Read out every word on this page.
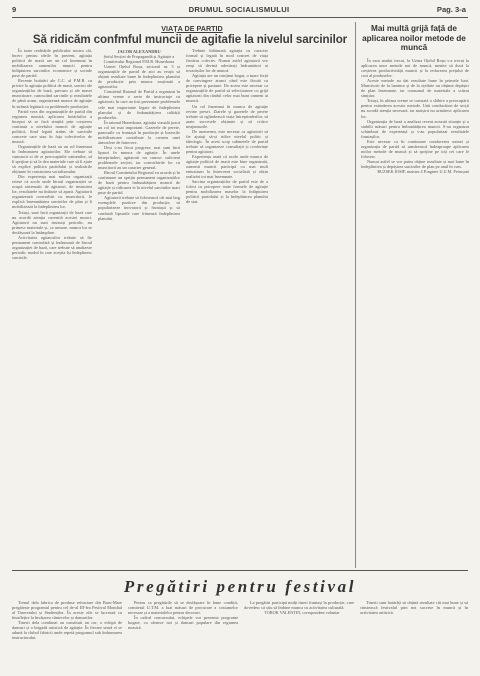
9	DRUMUL SOCIALISMULUI	Pag. 3-a
VIAȚA DE PARTID
Să ridicăm confmful muncii de agitafie la nivelul sarcinilor

În toate realitățile publicului nostru cât, încerc pentru ideile în prezent, agitația politică de masă are un rol însemnat în mobilizarea oamenilor muncii pentru înfăptuirea sarcinilor economice și sociale puse de partid.

Recente hotărâri ale C.C. al P.M.R. cu privire la agitația politică de masă, sarcini ale organizațiilor de bază, precum și ale masei muncitoare, cunoscând sarcinile și rezultatele de până acum, organizează munca de agitație în strânsă legătură cu problemele producției.

Partid vrea din organizațiile de partid din regiunea noastră, aplicarea hotărârilor a început să se facă simțită prin creșterea continuă a nivelului muncii de agitație politică, fiind legată strâns de sarcinile concrete care stau în fața colectivelor de muncă.

Organizațiile de bază au un rol însemnat în îndrumarea agitatorilor. Ele trebuie să cunoască zi de zi preocupările oamenilor, să îi sprijine și să le dea materiale care să îi ajute să explice politica partidului și realizările obținute în construirea socialismului.

Din experiența mai multor organizații reiese că acolo unde biroul organizației se ocupă sistematic de agitatori, de instruirea lor, rezultatele nu întârzie să apară. Agitatorii organizează convorbiri cu muncitorii, le explică însemnătatea sarcinilor de plan și îi mobilizează la îndeplinirea lor.

Totuși, sunt încă organizații de bază care nu acordă atenția cuvenită acestei munci. Agitatorii nu sunt instruiți periodic, nu primesc materiale și, ca urmare, munca lor se desfășoară la întâmplare.

Activitatea agitatorilor trebuie să fie permanent controlată și îndrumată de biroul organizației de bază, care trebuie să analizeze periodic modul în care aceștia își îndeplinesc sarcinile.

JACOB ALEXANDRU

Șeful Secției de Propagandă și Agitație a Comitetului Regional P.M.R. Hunedoara

Uzinei Oțelul Roșu, sectorul nr. 5 și organizațiile de partid de aici au reușit să obțină rezultate bune în îndeplinirea planului de producție prin munca susținută a agitatorilor.

Comitetul Raional de Partid a organizat în ultima vreme o serie de instructaje cu agitatorii, în care au fost prezentate problemele cele mai importante legate de îndeplinirea planului și de îmbunătățirea calității produselor.

În raionul Hunedoara, agitația vizuală joacă un rol tot mai important. Gazetele de perete, panourile cu fruntașii în producție și lozincile mobilizatoare contribuie la crearea unei atmosfere de întrecere.

Deși s-au făcut progrese, mai sunt încă lipsuri în munca de agitație. În unele întreprinderi, agitatorii nu cunosc suficient problemele secției, iar convorbirile lor cu muncitorii au un caracter general.

Biroul Comitetului Regional va acorda și în continuare un sprijin permanent organizațiilor de bază pentru îmbunătățirea muncii de agitație și ridicarea ei la nivelul sarcinilor mari puse de partid.

Agitatorii trebuie să folosească cât mai larg exemplele pozitive din producție, să popularizeze inovatorii și fruntașii și să combată lipsurile care frânează îndeplinirea planului.

Trebuie înlăturată agitația cu caracter formal și legată în mod concret de viața fiecărui colectiv. Numai astfel agitatorii vor reuși să devină adevărați îndrumători ai tovarășilor lor de muncă.

Agitația are un conținut bogat, o mare forță de convingere atunci când este făcută cu pricepere și pasiune. De aceea este necesar ca organizațiile de partid să selecționeze cu grijă agitatorii din rândul celor mai buni oameni ai muncii.

Un rol însemnat în munca de agitație revine presei. Ziarele și gazetele de perete trebuie să oglindească viața întreprinderilor, să arate succesele obținute și să critice neajunsurile.

De asemenea, este necesar ca agitatorii să fie ajutați să-și ridice nivelul politic și ideologic. În acest scop cabinetele de partid trebuie să organizeze consultații și conferințe pentru agitatori.

Experiența arată că acolo unde munca de agitație politică de masă este bine organizată, oamenii muncii participă cu mai mult entuziasm la întrecerea socialistă și obțin realizări tot mai însemnate.

Sarcina organizațiilor de partid este de a folosi cu pricepere toate formele de agitație pentru mobilizarea maselor la înfăptuirea politicii partidului și la îndeplinirea planului de stat.

Mai multă grijă față de aplicarea noilor metode de muncă

În vara anului trecut, la Uzina Oțelul Roșu s-a trecut la aplicarea unor metode noi de muncă, menite să ducă la creșterea productivității muncii și la reducerea prețului de cost al produselor.

Aceste metode au dat rezultate bune în primele luni. Muncitorii de la laminor și de la oțelărie au obținut depășiri de plan însemnate, iar consumul de materiale a scăzut simțitor.

Totuși, în ultima vreme se constată o slăbire a preocupării pentru extinderea acestor metode. Unii conducători de secții nu acordă atenția necesară, iar maiștrii nu urmăresc aplicarea lor.

Organizația de bază a analizat recent această situație și a stabilit măsuri pentru îmbunătățirea muncii. S-au organizat schimburi de experiență și s-au popularizat rezultatele fruntașilor.

Este necesar ca în continuare conducerea uzinei și organizația de partid să urmărească îndeaproape aplicarea noilor metode de muncă și să sprijine pe toți cei care le folosesc.

Numai astfel se vor putea obține rezultate și mai bune în îndeplinirea și depășirea sarcinilor de plan pe anul în curs.

BUZSEK IOSIF, maistru 4 P.inginer U.U.M. Petroșani

Pregătiri pentru festival

Trenul dela fabrica de produse refractare din Baru-Mare pregătește programul pentru cel de-al III-lea Festival Mondial al Tineretului și Studenților. În aceste zile se lucrează cu însuflețire la învățarea cântecelor și dansurilor.

Tinerii dela combinat au constituit un cor, o echipă de dansuri și o brigadă artistică de agitație. În fiecare seară ei se adună la clubul fabricii unde repetă programul sub îndrumarea instructorului.

Pentru ca pregătirile să se desfășoare în bune condiții, comitetul U.T.M. a luat măsuri de procurare a costumelor necesare și a materialelor pentru decoruri.

În cadrul concursului, echipele vor prezenta programe bogate, cu cântece noi și dansuri populare din regiunea noastră.

La pregătiri participă mulți tineri fruntași în producție, care dovedesc că știu să îmbine munca cu activitatea culturală.

TOROK VALENTIN, corespondent voluntar

Tinerii sunt hotărâți să obțină rezultate cât mai bune și să cinstească festivalul prin noi succese în muncă și în activitatea artistică.
